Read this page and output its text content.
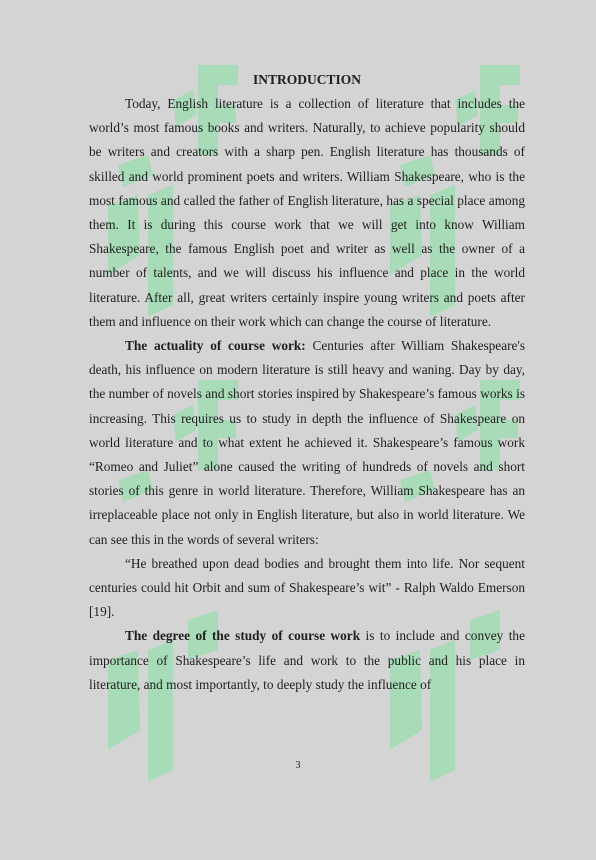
INTRODUCTION

Today, English literature is a collection of literature that includes the world’s most famous books and writers. Naturally, to achieve popularity should be writers and creators with a sharp pen. English literature has thousands of skilled and world prominent poets and writers. William Shakespeare, who is the most famous and called the father of English literature, has a special place among them. It is during this course work that we will get into know William Shakespeare, the famous English poet and writer as well as the owner of a number of talents, and we will discuss his influence and place in the world literature. After all, great writers certainly inspire young writers and poets after them and influence on their work which can change the course of literature.

The actuality of course work: Centuries after William Shakespeare's death, his influence on modern literature is still heavy and waning. Day by day, the number of novels and short stories inspired by Shakespeare’s famous works is increasing. This requires us to study in depth the influence of Shakespeare on world literature and to what extent he achieved it. Shakespeare’s famous work “Romeo and Juliet” alone caused the writing of hundreds of novels and short stories of this genre in world literature. Therefore, William Shakespeare has an irreplaceable place not only in English literature, but also in world literature. We can see this in the words of several writers:

“He breathed upon dead bodies and brought them into life. Nor sequent centuries could hit Orbit and sum of Shakespeare’s wit” - Ralph Waldo Emerson [19].

The degree of the study of course work is to include and convey the importance of Shakespeare’s life and work to the public and his place in literature, and most importantly, to deeply study the influence of

3
